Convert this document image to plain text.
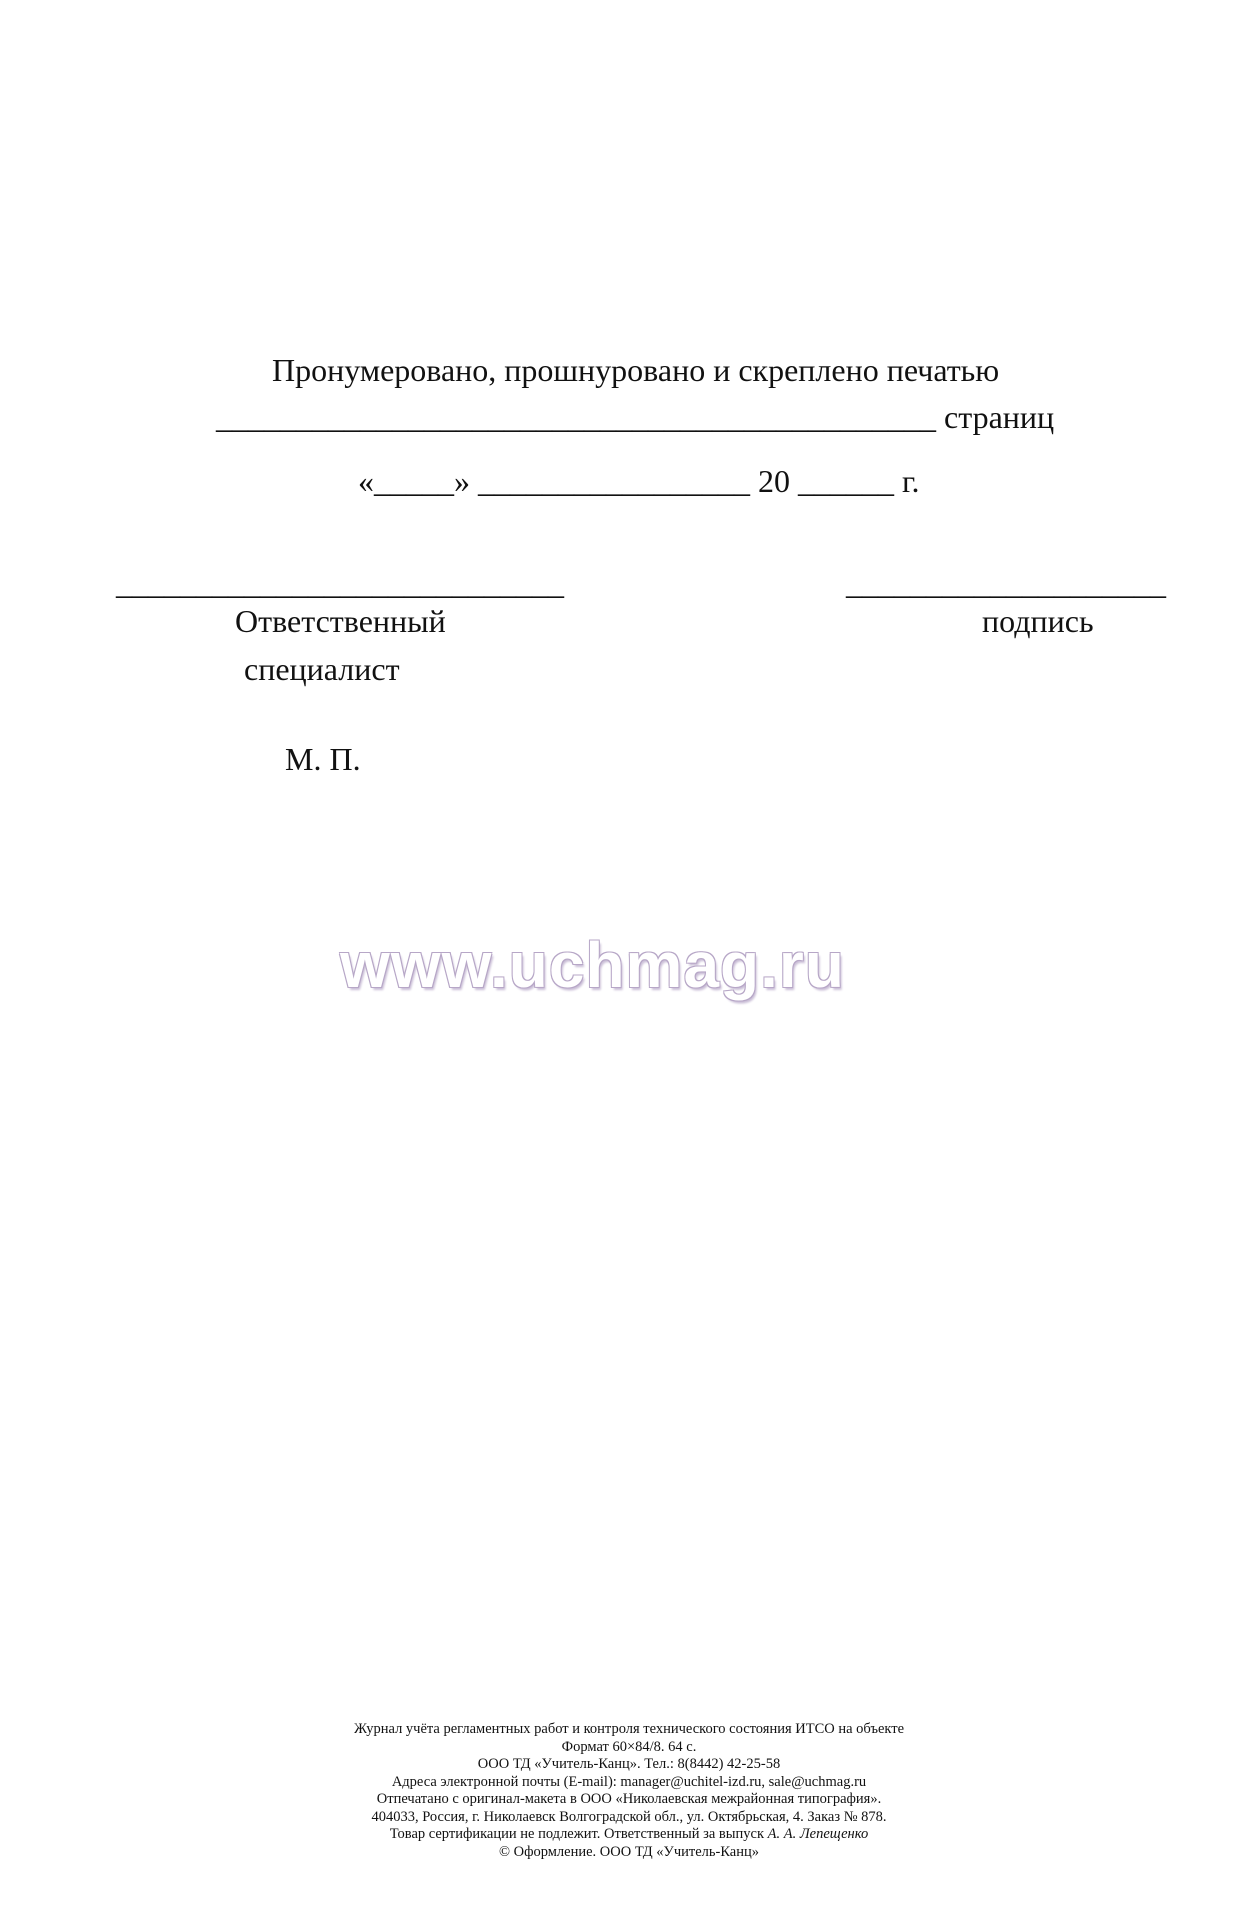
Пронумеровано, прошнуровано и скреплено печатью
_____________________________________________ страниц
«_____» _________________ 20 ______ г.
____________________________	____________________
Ответственный
специалист
подпись
М. П.
www.uchmag.ru
Журнал учёта регламентных работ и контроля технического состояния ИТСО на объекте
Формат 60×84/8. 64 с.
ООО ТД «Учитель-Канц». Тел.: 8(8442) 42-25-58
Адреса электронной почты (E-mail): manager@uchitel-izd.ru, sale@uchmag.ru
Отпечатано с оригинал-макета в ООО «Николаевская межрайонная типография».
404033, Россия, г. Николаевск Волгоградской обл., ул. Октябрьская, 4. Заказ № 878.
Товар сертификации не подлежит. Ответственный за выпуск А. А. Лепещенко
© Оформление. ООО ТД «Учитель-Канц»
